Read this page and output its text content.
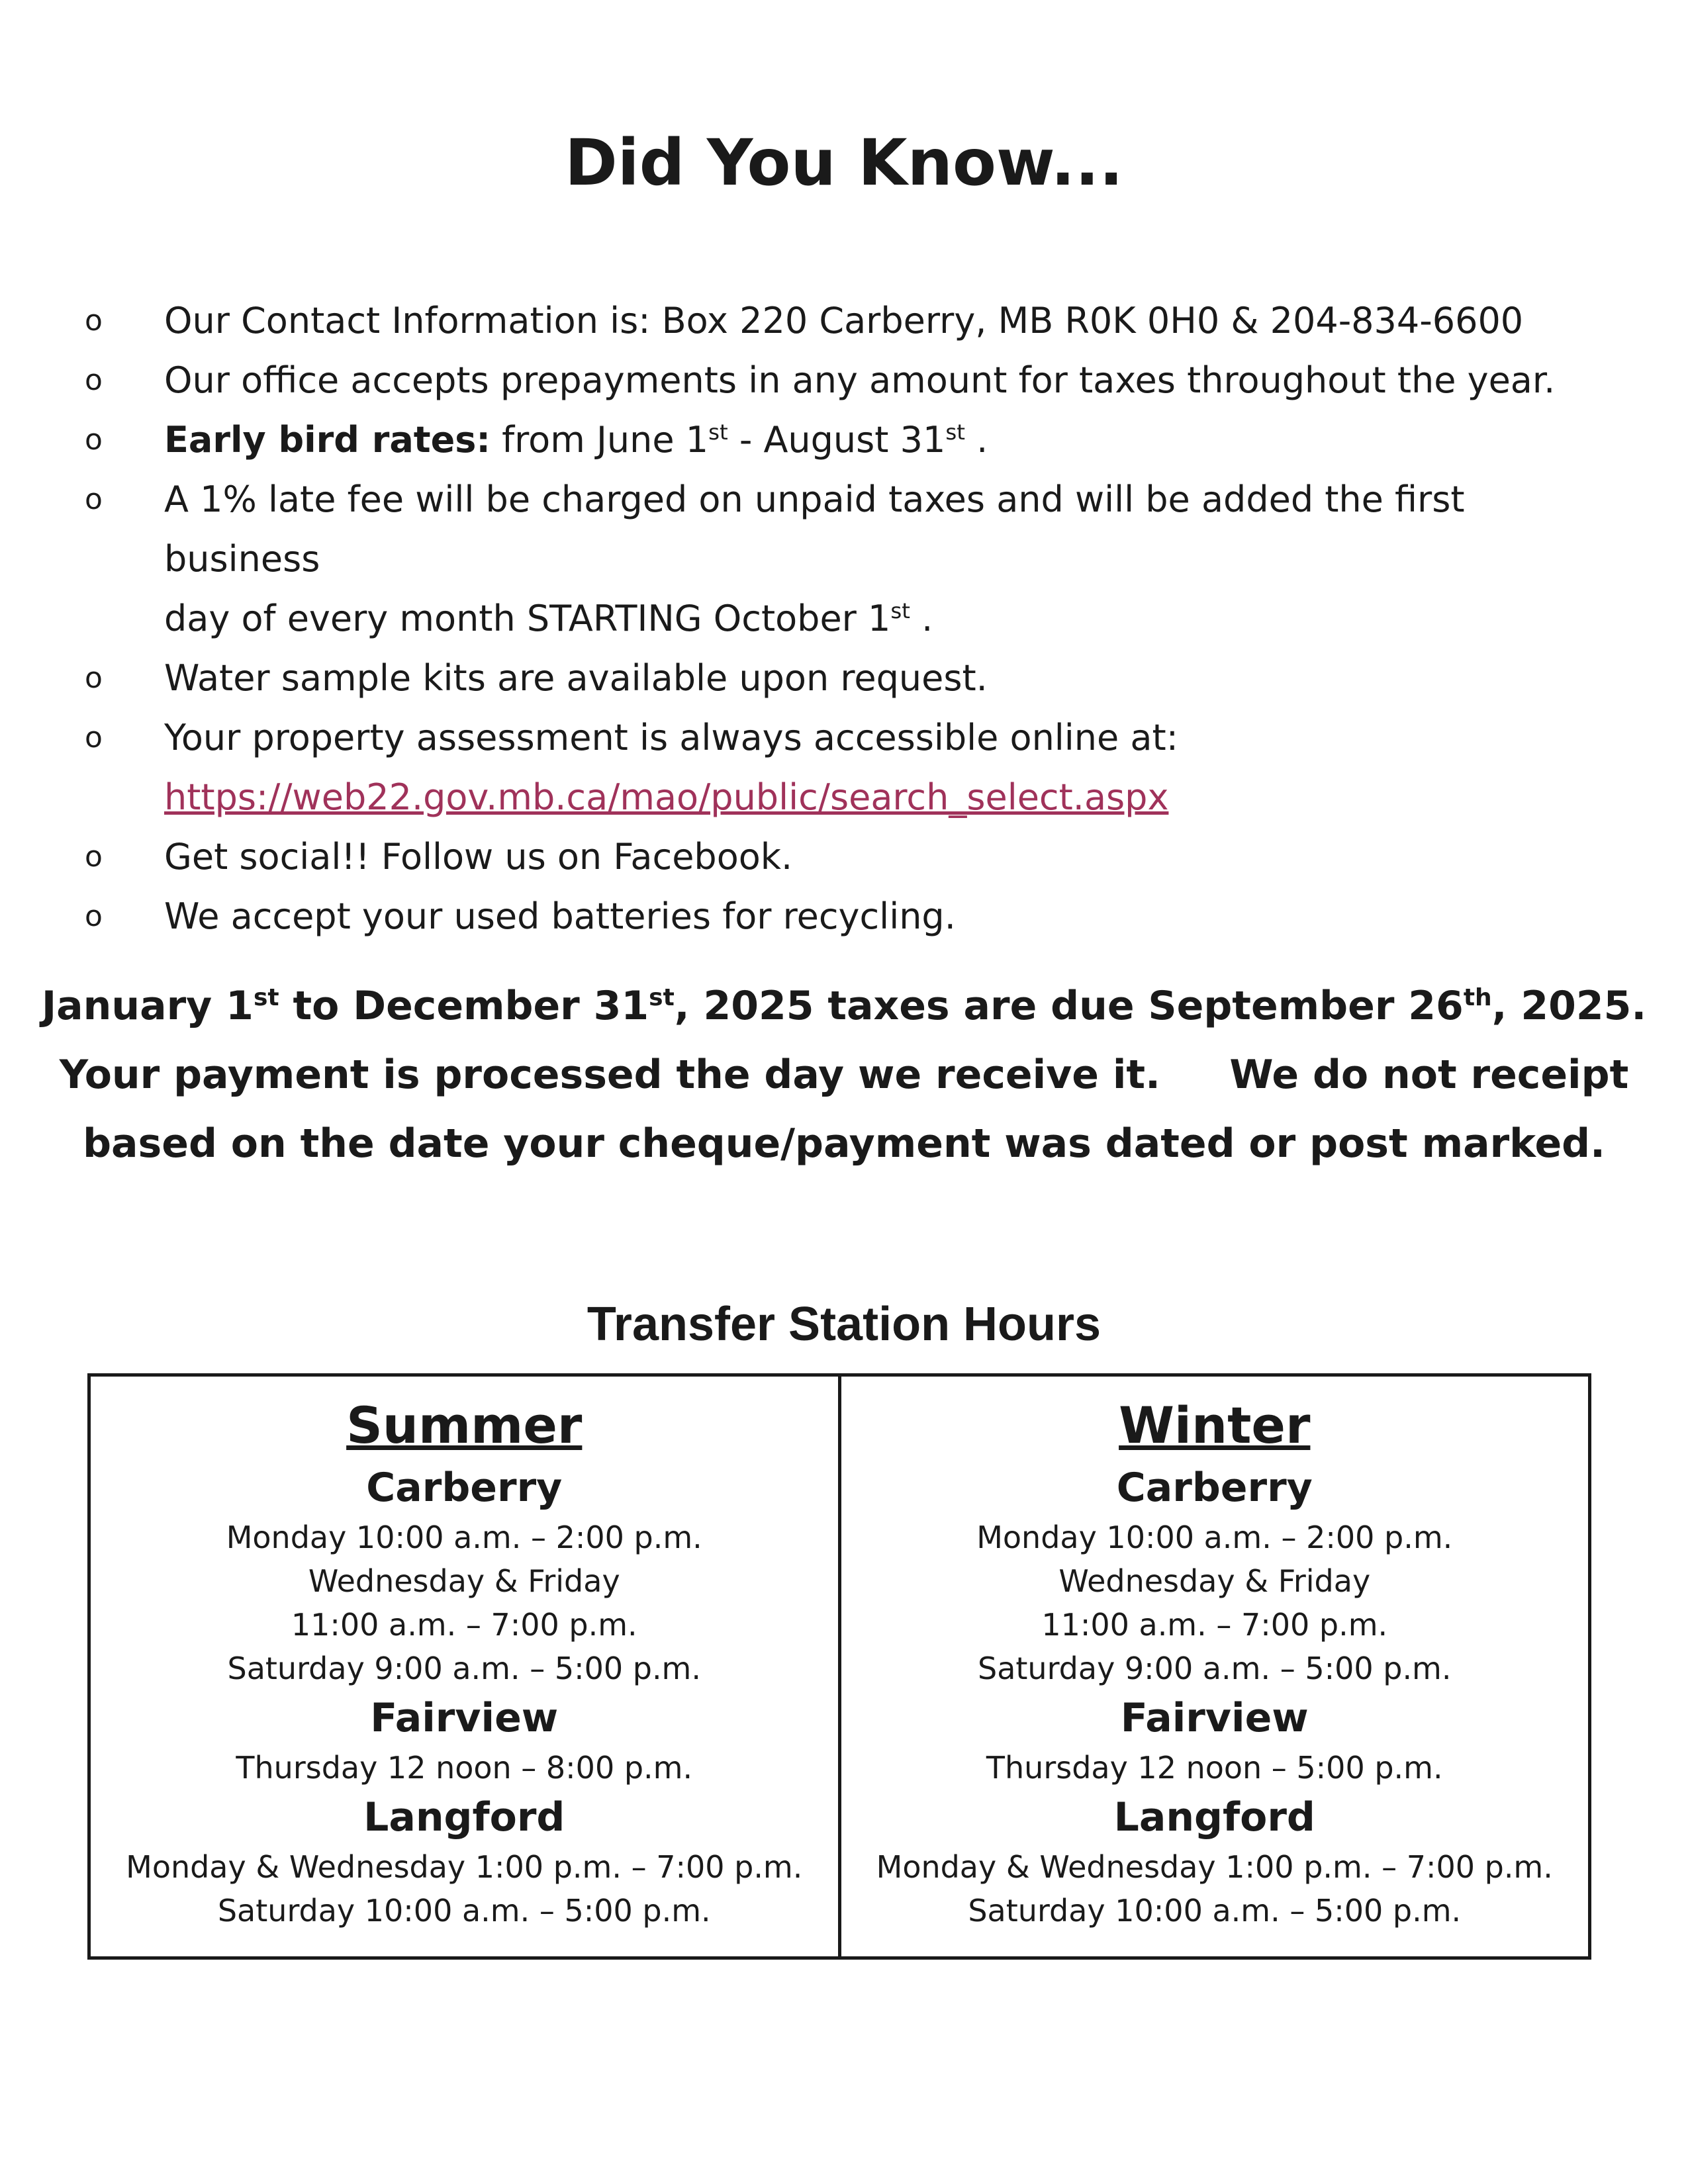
Did You Know...
o Our Contact Information is: Box 220 Carberry, MB R0K 0H0 & 204-834-6600
o Our office accepts prepayments in any amount for taxes throughout the year.
o Early bird rates: from June 1st - August 31st .
o A 1% late fee will be charged on unpaid taxes and will be added the first business
day of every month STARTING October 1st .
o Water sample kits are available upon request.
o Your property assessment is always accessible online at:
https://web22.gov.mb.ca/mao/public/search_select.aspx
o Get social!! Follow us on Facebook.
o We accept your used batteries for recycling.

January 1st to December 31st, 2025 taxes are due September 26th, 2025.

Your payment is processed the day we receive it.     We do not receipt

based on the date your cheque/payment was dated or post marked.

Transfer Station Hours
Summer
Carberry
Monday 10:00 a.m. – 2:00 p.m.
Wednesday & Friday
11:00 a.m. – 7:00 p.m.
Saturday 9:00 a.m. – 5:00 p.m.
Fairview
Thursday 12 noon – 8:00 p.m.
Langford
Monday & Wednesday 1:00 p.m. – 7:00 p.m.
Saturday 10:00 a.m. – 5:00 p.m.
Winter
Carberry
Monday 10:00 a.m. – 2:00 p.m.
Wednesday & Friday
11:00 a.m. – 7:00 p.m.
Saturday 9:00 a.m. – 5:00 p.m.
Fairview
Thursday 12 noon – 5:00 p.m.
Langford
Monday & Wednesday 1:00 p.m. – 7:00 p.m.
Saturday 10:00 a.m. – 5:00 p.m.
